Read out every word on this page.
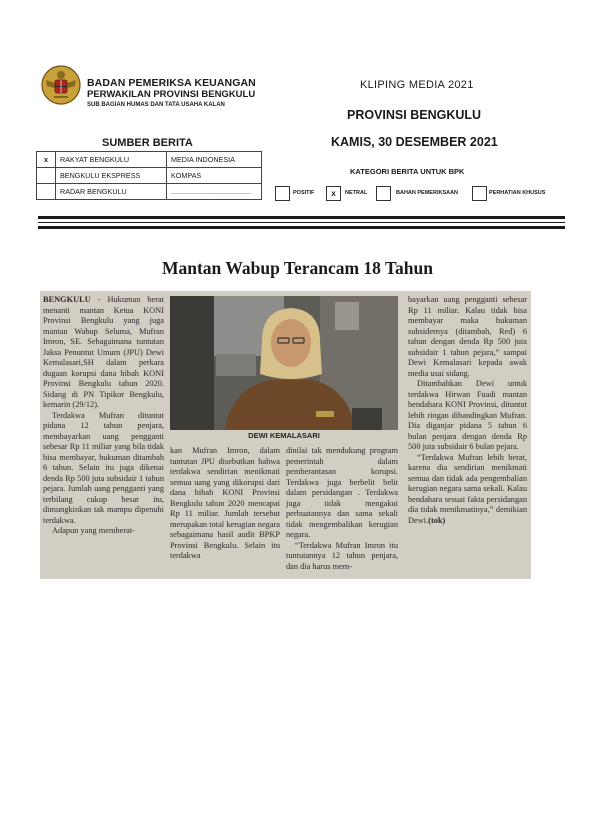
BADAN PEMERIKSA KEUANGAN
PERWAKILAN PROVINSI BENGKULU
SUB BAGIAN HUMAS DAN TATA USAHA KALAN
KLIPING MEDIA 2021
PROVINSI BENGKULU
KAMIS, 30 DESEMBER 2021
SUMBER BERITA
x	RAKYAT BENGKULU	MEDIA INDONESIA
	BENGKULU EKSPRESS	KOMPAS
	RADAR BENGKULU	........................................
KATEGORI BERITA UNTUK BPK
POSITIF	x	NETRAL	BAHAN PEMERIKSAAN	PERHATIAN KHUSUS
Mantan Wabup Terancam 18 Tahun

BENGKULU - Hukuman berat menanti mantan Ketua KONI Provinsi Bengkulu yang juga mantan Wabup Seluma, Mufran Imron, SE. Sebagaimana tuntutan Jaksa Penuntut Umum (JPU) Dewi Kemalasari,SH dalam perkara dugaan korupsi dana hibah KONI Provinsi Bengkulu tahun 2020. Sidang di PN Tipikor Bengkulu, kemarin (29/12).

Terdakwa Mufran dituntut pidana 12 tahun penjara, membayarkan uang pengganti sebesar Rp 11 miliar yang bila tidak bisa membayar, hukuman ditambah 6 tahun. Selain itu juga dikenai denda Rp 500 juta subsidair 1 tahun pejara. Jumlah uang pengganti yang terbilang cukup besar itu, dimungkinkan tak mampu dipenuhi terdakwa.

Adapun yang memberat-

DEWI KEMALASARI

kan Mufran Imron, dalam tuntutan JPU disebutkan bahwa terdakwa sendirian menikmati semua uang yang dikorupsi dari dana hibah KONI Provinsi Bengkulu tahun 2020 mencapai Rp 11 miliar. Jumlah tersebut merupakan total kerugian negara sebagaimana hasil audit BPKP Provinsi Bengkulu. Selain itu terdakwa

dinilai tak mendukung program pemerintah dalam pemberantasan korupsi. Terdakwa juga berbelit belit dalam persidangan . Terdakwa juga tidak mengakui perbuatannya dan sama sekali tidak mengembalikan kerugian negara.

“Terdakwa Mufran Imron itu tuntutannya 12 tahun penjara, dan dia harus mem-

bayarkan uang pengganti sebesar Rp 11 miliar. Kalau tidak bisa membayar maka hukuman subsidernya (ditambah, Red) 6 tahun dengan denda Rp 500 juta subsidair 1 tahun pejara,” sampai Dewi Kemalasari kepada awak media usai sidang.

Ditambahkan Dewi untuk terdakwa Hirwan Fuadi mantan bendahara KONI Provinsi, dituntut lebih ringan dibandingkan Mufran. Dia diganjar pidana 5 tahun 6 bulan penjara dengan denda Rp 500 juta subsidair 6 bulan pejara.

“Terdakwa Mufran lebih berat, karena dia sendirian menikmati semua dan tidak ada pengembalian kerugian negara sama sekali. Kalau bendahara sesuai fakta persidangan dia tidak menikmatinya,” demikian Dewi.(tok)
